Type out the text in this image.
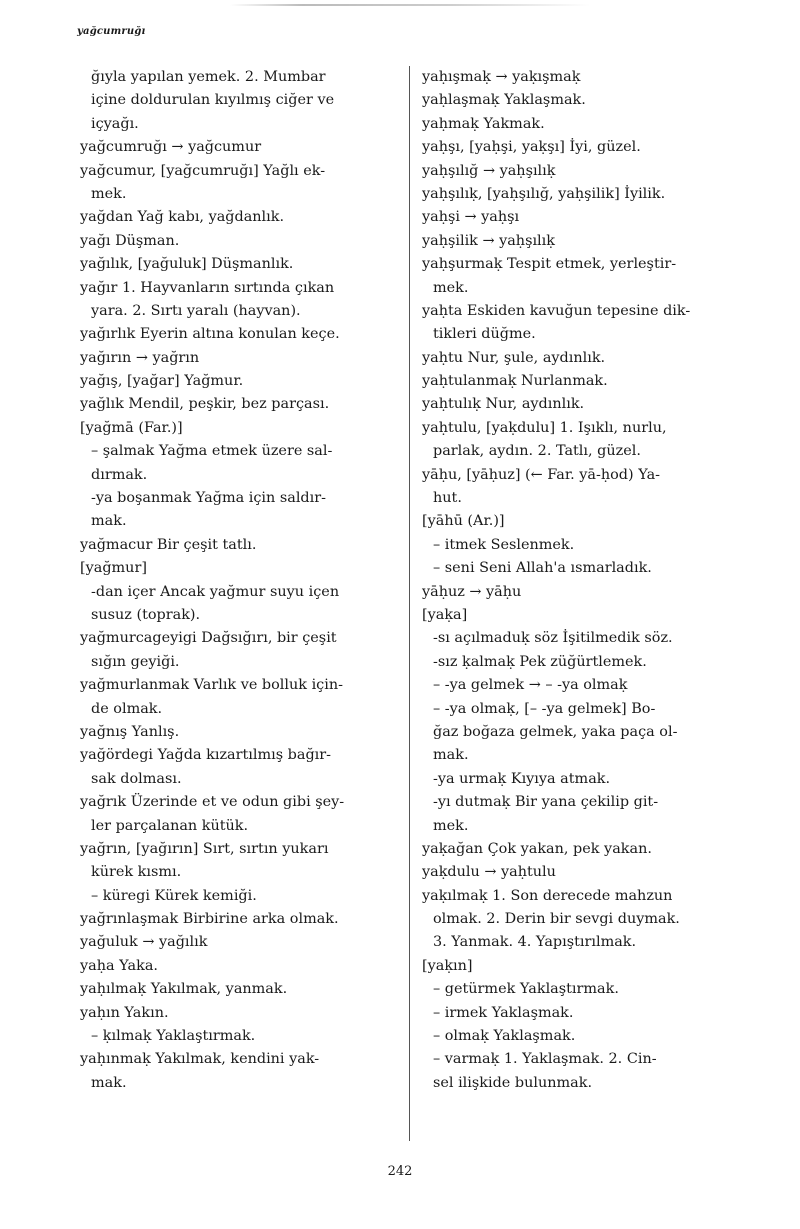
yağcumruğı
ğıyla yapılan yemek. 2. Mumbar
içine doldurulan kıyılmış ciğer ve
içyağı.
yağcumruğı → yağcumur
yağcumur, [yağcumruğı] Yağlı ek-
mek.
yağdan Yağ kabı, yağdanlık.
yağı Düşman.
yağılık, [yağuluk] Düşmanlık.
yağır 1. Hayvanların sırtında çıkan
yara. 2. Sırtı yaralı (hayvan).
yağırlık Eyerin altına konulan keçe.
yağırın → yağrın
yağış, [yağar] Yağmur.
yağlık Mendil, peşkir, bez parçası.
[yağmā (Far.)]
– şalmak Yağma etmek üzere sal-
dırmak.
-ya boşanmak Yağma için saldır-
mak.
yağmacur Bir çeşit tatlı.
[yağmur]
-dan içer Ancak yağmur suyu içen
susuz (toprak).
yağmurcageyigi Dağsığırı, bir çeşit
sığın geyiği.
yağmurlanmak Varlık ve bolluk için-
de olmak.
yağnış Yanlış.
yağördegi Yağda kızartılmış bağır-
sak dolması.
yağrık Üzerinde et ve odun gibi şey-
ler parçalanan kütük.
yağrın, [yağırın] Sırt, sırtın yukarı
kürek kısmı.
– küregi Kürek kemiği.
yağrınlaşmak Birbirine arka olmak.
yağuluk → yağılık
yaḥa Yaka.
yaḥılmaḳ Yakılmak, yanmak.
yaḥın Yakın.
– ḳılmaḳ Yaklaştırmak.
yaḥınmaḳ Yakılmak, kendini yak-
mak.
yaḥışmaḳ → yaḳışmaḳ
yaḥlaşmaḳ Yaklaşmak.
yaḥmaḳ Yakmak.
yaḥşı, [yaḥşi, yaḳşı] İyi, güzel.
yaḥşılığ → yaḥşılıḳ
yaḥşılıḳ, [yaḥşılığ, yaḥşilik] İyilik.
yaḥşi → yaḥşı
yaḥşilik → yaḥşılıḳ
yaḥşurmaḳ Tespit etmek, yerleştir-
mek.
yaḥta Eskiden kavuğun tepesine dik-
tikleri düğme.
yaḥtu Nur, şule, aydınlık.
yaḥtulanmaḳ Nurlanmak.
yaḥtulıḳ Nur, aydınlık.
yaḥtulu, [yaḳdulu] 1. Işıklı, nurlu,
parlak, aydın. 2. Tatlı, güzel.
yāḥu, [yāḥuz] (← Far. yā-ḥod) Ya-
hut.
[yāhū (Ar.)]
– itmek Seslenmek.
– seni Seni Allah'a ısmarladık.
yāḥuz → yāḥu
[yaḳa]
-sı açılmaduḳ söz İşitilmedik söz.
-sız ḳalmaḳ Pek züğürtlemek.
– -ya gelmek → – -ya olmaḳ
– -ya olmaḳ, [– -ya gelmek] Bo-
ğaz boğaza gelmek, yaka paça ol-
mak.
-ya urmaḳ Kıyıya atmak.
-yı dutmaḳ Bir yana çekilip git-
mek.
yaḳağan Çok yakan, pek yakan.
yaḳdulu → yaḥtulu
yaḳılmaḳ 1. Son derecede mahzun
olmak. 2. Derin bir sevgi duymak.
3. Yanmak. 4. Yapıştırılmak.
[yaḳın]
– getürmek Yaklaştırmak.
– irmek Yaklaşmak.
– olmaḳ Yaklaşmak.
– varmaḳ 1. Yaklaşmak. 2. Cin-
sel ilişkide bulunmak.
242
